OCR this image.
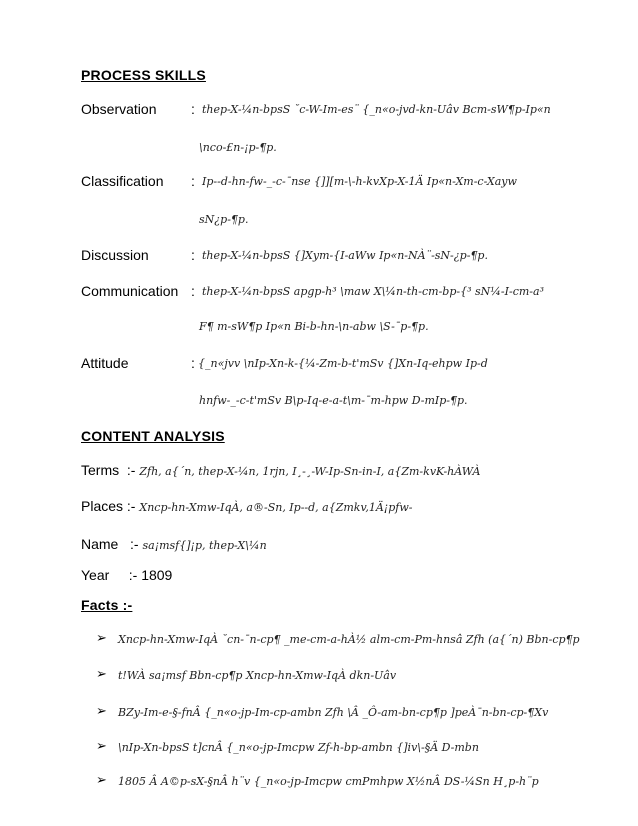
PROCESS SKILLS
Observation : thep-X-¼n-bpsS ˘c-W-Im-es¨ {_n«o-jvd-kn-Uâv Bcm-sW¶p-Ip«n
\nco-£n-¡p-¶p.
Classification : Ip--d-hn-fw-_-c-¯nse {]][m-\-h-kvXp-X-1Ä Ip«n-Xm-c-Xayw
sN¿p-¶p.
Discussion	: thep-X-¼n-bpsS {]Xym-{I-aWw Ip«n-NÀ¨-sN-¿p-¶p.
Communication : thep-X-¼n-bpsS apgp-h³ \maw X\¼n-th-cm-bp-{³ sN¼-I-cm-a³
F¶ m-sW¶p Ip«n Bi-b-hn-\n-abw \S-¯p-¶p.
Attitude	: {_n«jvv \nIp-Xn-k-{¼-Zm-b-t'mSv {]Xn-Iq-ehpw Ip-d
hnfw-_-c-t'mSv B\p-Iq-e-a-t\m-¯m-hpw D-mIp-¶p.
CONTENT ANALYSIS
Terms :- Zfh, a{´n, thep-X-¼n, 1rjn, I¸-¸-W-Ip-Sn-in-I, a{Zm-kvK-hÀWÀ
Places :- Xncp-hn-Xmw-IqÀ, a®-Sn, Ip--d, a{Zmkv,1Ä¡pfw-
Name :- sa¡msf{]¡p, thep-X\¼n
Year :- 1809
Facts :-
➢ Xncp-hn-Xmw-IqÀ ˘cn-¯n-cp¶ _me-cm-a-hÀ½ alm-cm-Pm-hnsâ Zfh (a{´n) Bbn-cp¶p
➢ t!WÀ sa¡msf Bbn-cp¶p Xncp-hn-Xmw-IqÀ dkn-Uâv
➢ BZy-Im-e-§-fnÂ {_n«o-jp-Im-cp-ambn Zfh \Â _Ô-am-bn-cp¶p ]peÀ¯n-bn-cp-¶Xv
➢ \nIp-Xn-bpsS t]cnÂ {_n«o-jp-Imcpw Zf-h-bp-ambn {]iv\-§Ä D-mbn
➢ 1805 Â A©p-sX-§nÂ h¨v {_n«o-jp-Imcpw cmPmhpw X½nÂ DS-¼Sn H¸p-h¨p
